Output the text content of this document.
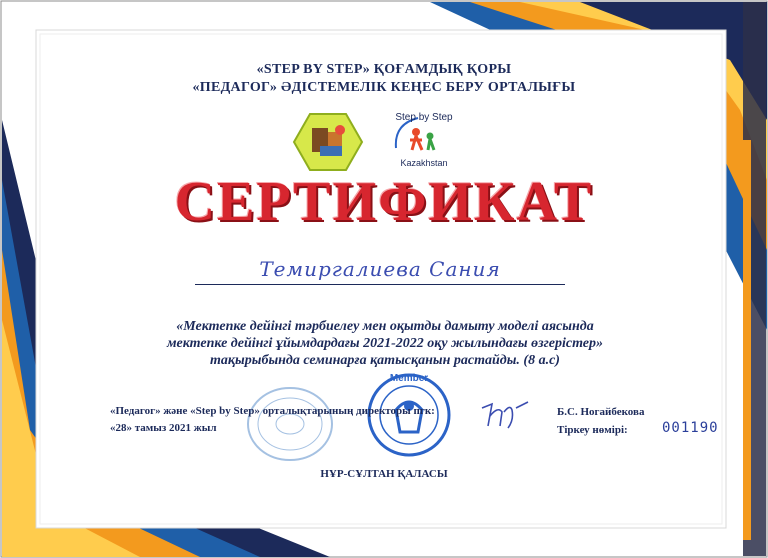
«STEP BY STEP» ҚОҒАМДЫҚ ҚОРЫ
«ПЕДАГОГ» ӘДІСТЕМЕЛІК КЕҢЕС БЕРУ ОРТАЛЫҒЫ
Step by Step
Kazakhstan
СЕРТИФИКАТ
Темиргалиева Сания
«Мектепке дейінгі тәрбиелеу мен оқытды дамыту моделі аясында
мектепке дейінгі ұйымдардағы 2021-2022 оқу жылындағы өзгерістер»
тақырыбында семинарға қатысқанын растайды. (8 а.с)
Member
«Педагог» және «Step by Step» орталықтарының директоры пгк:
«28» тамыз 2021 жыл
Б.С. Ногайбекова
Тіркеу нөмірі: 001190
НҰР-СҰЛТАН ҚАЛАСЫ
